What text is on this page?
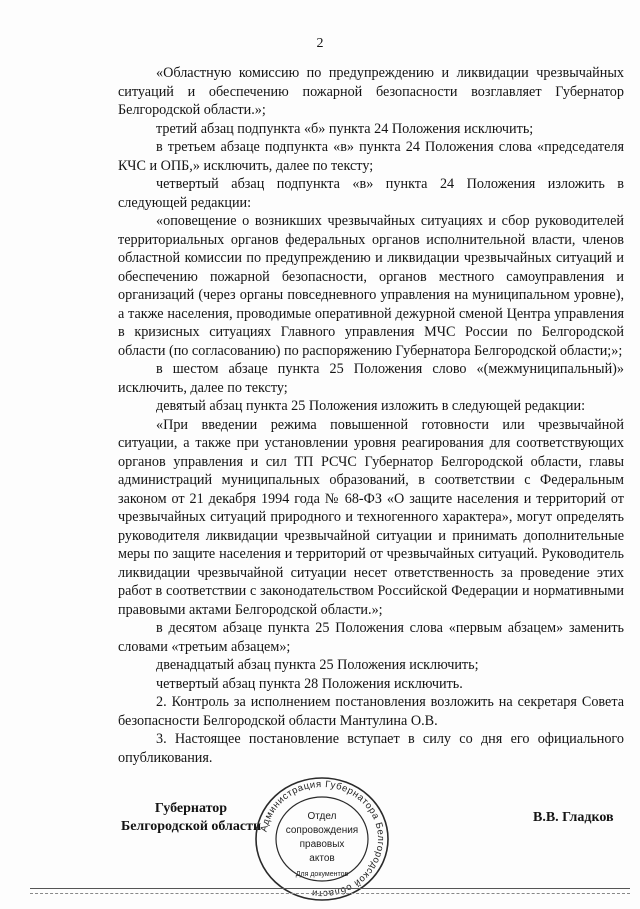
2

«Областную комиссию по предупреждению и ликвидации чрезвычайных ситуаций и обеспечению пожарной безопасности возглавляет Губернатор Белгородской области.»;

третий абзац подпункта «б» пункта 24 Положения исключить;

в третьем абзаце подпункта «в» пункта 24 Положения слова «председателя КЧС и ОПБ,» исключить, далее по тексту;

четвертый абзац подпункта «в» пункта 24 Положения изложить в следующей редакции:

«оповещение о возникших чрезвычайных ситуациях и сбор руководителей территориальных органов федеральных органов исполнительной власти, членов областной комиссии по предупреждению и ликвидации чрезвычайных ситуаций и обеспечению пожарной безопасности, органов местного самоуправления и организаций (через органы повседневного управления на муниципальном уровне), а также населения, проводимые оперативной дежурной сменой Центра управления в кризисных ситуациях Главного управления МЧС России по Белгородской области (по согласованию) по распоряжению Губернатора Белгородской области;»;

в шестом абзаце пункта 25 Положения слово «(межмуниципальный)» исключить, далее по тексту;

девятый абзац пункта 25 Положения изложить в следующей редакции:

«При введении режима повышенной готовности или чрезвычайной ситуации, а также при установлении уровня реагирования для соответствующих органов управления и сил ТП РСЧС Губернатор Белгородской области, главы администраций муниципальных образований, в соответствии с Федеральным законом от 21 декабря 1994 года № 68-ФЗ «О защите населения и территорий от чрезвычайных ситуаций природного и техногенного характера», могут определять руководителя ликвидации чрезвычайной ситуации и принимать дополнительные меры по защите населения и территорий от чрезвычайных ситуаций. Руководитель ликвидации чрезвычайной ситуации несет ответственность за проведение этих работ в соответствии с законодательством Российской Федерации и нормативными правовыми актами Белгородской области.»;

в десятом абзаце пункта 25 Положения слова «первым абзацем» заменить словами «третьим абзацем»;

двенадцатый абзац пункта 25 Положения исключить;

четвертый абзац пункта 28 Положения исключить.

2. Контроль за исполнением постановления возложить на секретаря Совета безопасности Белгородской области Мантулина О.В.

3. Настоящее постановление вступает в силу со дня его официального опубликования.

Губернатор
Белгородской области
Администрация Губернатора Белгородской области
Отдел
сопровождения
правовых
актов
Для документов
В.В. Гладков
